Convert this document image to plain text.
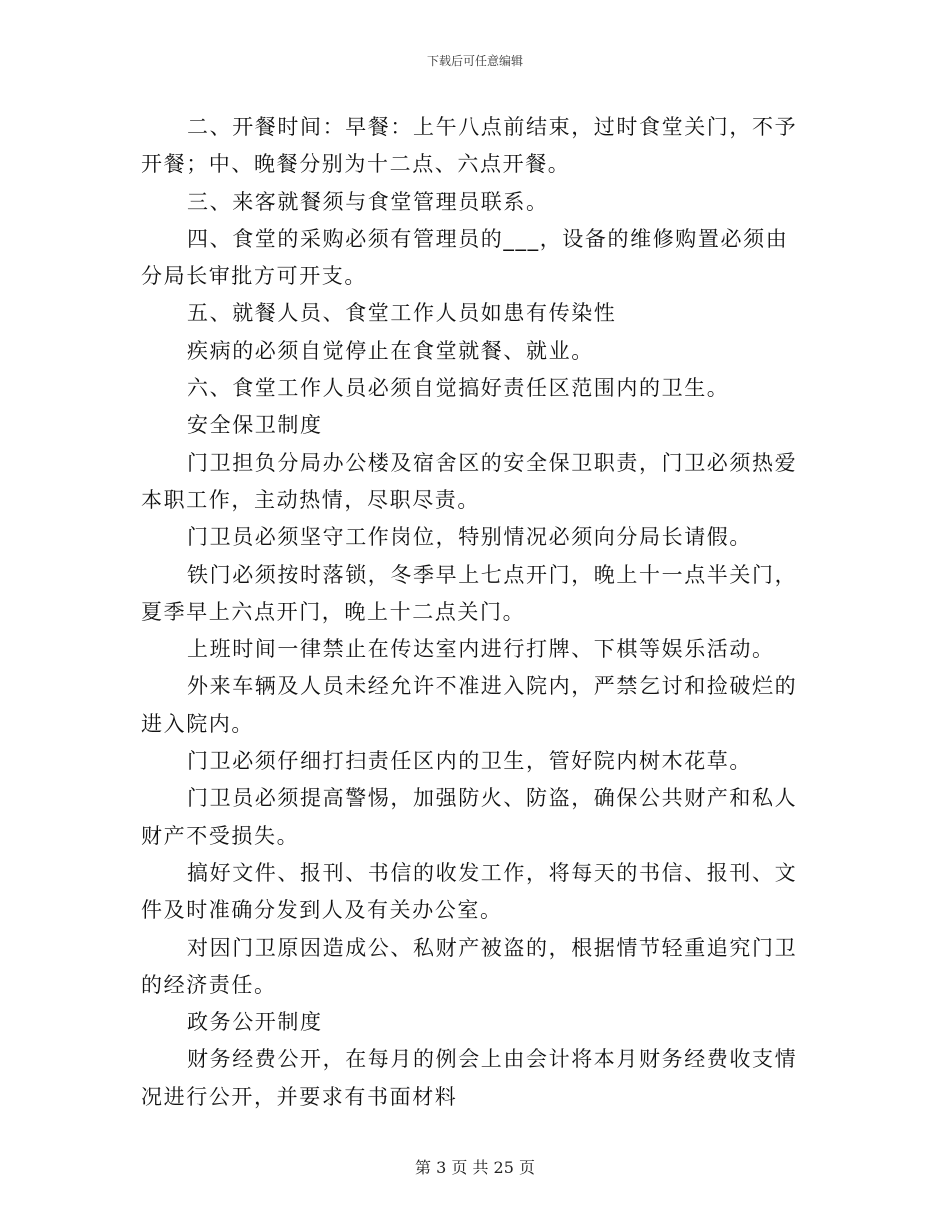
下载后可任意编辑

二、开餐时间：早餐：上午八点前结束，过时食堂关门，不予开餐；中、晚餐分别为十二点、六点开餐。

三、来客就餐须与食堂管理员联系。

四、食堂的采购必须有管理员的___，设备的维修购置必须由分局长审批方可开支。

五、就餐人员、食堂工作人员如患有传染性

疾病的必须自觉停止在食堂就餐、就业。

六、食堂工作人员必须自觉搞好责任区范围内的卫生。

安全保卫制度

门卫担负分局办公楼及宿舍区的安全保卫职责，门卫必须热爱本职工作，主动热情，尽职尽责。

门卫员必须坚守工作岗位，特别情况必须向分局长请假。

铁门必须按时落锁，冬季早上七点开门，晚上十一点半关门，夏季早上六点开门，晚上十二点关门。

上班时间一律禁止在传达室内进行打牌、下棋等娱乐活动。

外来车辆及人员未经允许不准进入院内，严禁乞讨和捡破烂的进入院内。

门卫必须仔细打扫责任区内的卫生，管好院内树木花草。

门卫员必须提高警惕，加强防火、防盗，确保公共财产和私人财产不受损失。

搞好文件、报刊、书信的收发工作，将每天的书信、报刊、文件及时准确分发到人及有关办公室。

对因门卫原因造成公、私财产被盗的，根据情节轻重追究门卫的经济责任。

政务公开制度

财务经费公开，在每月的例会上由会计将本月财务经费收支情况进行公开，并要求有书面材料

第 3 页 共 25 页
